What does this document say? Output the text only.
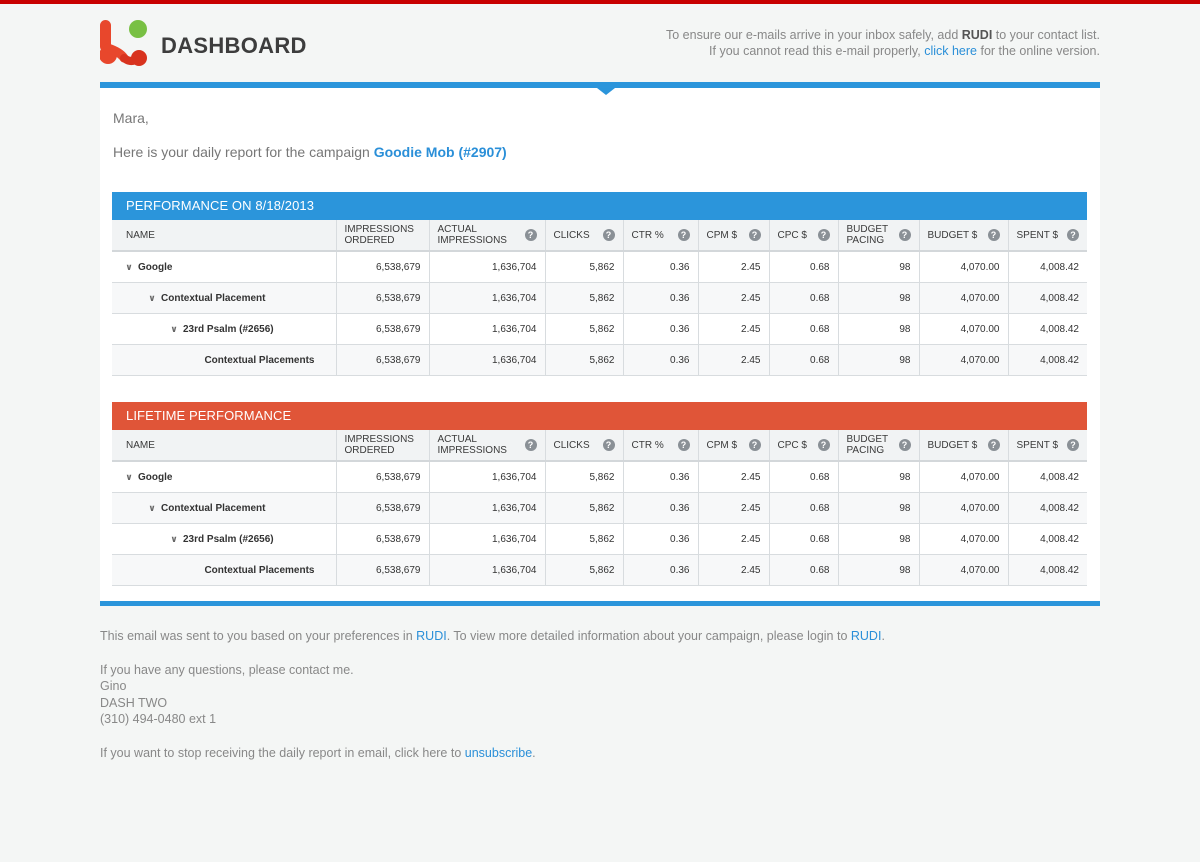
DASHBOARD	To ensure our e-mails arrive in your inbox safely, add RUDI to your contact list.
If you cannot read this e-mail properly, click here for the online version.
Mara,
Here is your daily report for the campaign Goodie Mob (#2907)
PERFORMANCE ON 8/18/2013
NAME	IMPRESSIONS ORDERED	ACTUAL IMPRESSIONS ?	CLICKS ?	CTR % ?	CPM $ ?	CPC $ ?	BUDGET PACING ?	BUDGET $ ?	SPENT $ ?

∨ Google	6,538,679	1,636,704	5,862	0.36	2.45	0.68	98	4,070.00	4,008.42
∨ Contextual Placement	6,538,679	1,636,704	5,862	0.36	2.45	0.68	98	4,070.00	4,008.42
∨ 23rd Psalm (#2656)	6,538,679	1,636,704	5,862	0.36	2.45	0.68	98	4,070.00	4,008.42
Contextual Placements	6,538,679	1,636,704	5,862	0.36	2.45	0.68	98	4,070.00	4,008.42
LIFETIME PERFORMANCE
NAME	IMPRESSIONS ORDERED	ACTUAL IMPRESSIONS ?	CLICKS ?	CTR % ?	CPM $ ?	CPC $ ?	BUDGET PACING ?	BUDGET $ ?	SPENT $ ?

∨ Google	6,538,679	1,636,704	5,862	0.36	2.45	0.68	98	4,070.00	4,008.42
∨ Contextual Placement	6,538,679	1,636,704	5,862	0.36	2.45	0.68	98	4,070.00	4,008.42
∨ 23rd Psalm (#2656)	6,538,679	1,636,704	5,862	0.36	2.45	0.68	98	4,070.00	4,008.42
Contextual Placements	6,538,679	1,636,704	5,862	0.36	2.45	0.68	98	4,070.00	4,008.42

This email was sent to you based on your preferences in RUDI. To view more detailed information about your campaign, please login to RUDI.

If you have any questions, please contact me.

Gino

DASH TWO

(310) 494-0480 ext 1

If you want to stop receiving the daily report in email, click here to unsubscribe.
